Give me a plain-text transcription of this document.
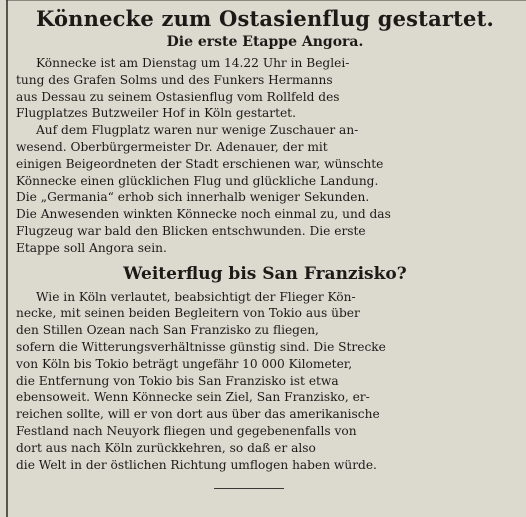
Könnecke zum Ostasienflug gestartet.
Die erste Etappe Angora.

Könnecke ist am Dienstag um 14.22 Uhr in Beglei-
tung des Grafen Solms und des Funkers Hermanns
aus Dessau zu seinem Ostasienflug vom Rollfeld des
Flugplatzes Butzweiler Hof in Köln gestartet.

Auf dem Flugplatz waren nur wenige Zuschauer an-
wesend. Oberbürgermeister Dr. Adenauer, der mit
einigen Beigeordneten der Stadt erschienen war, wünschte
Könnecke einen glücklichen Flug und glückliche Landung.
Die „Germania“ erhob sich innerhalb weniger Sekunden.
Die Anwesenden winkten Könnecke noch einmal zu, und das
Flugzeug war bald den Blicken entschwunden. Die erste
Etappe soll Angora sein.

Weiterflug bis San Franzisko?

Wie in Köln verlautet, beabsichtigt der Flieger Kön-
necke, mit seinen beiden Begleitern von Tokio aus über
den Stillen Ozean nach San Franzisko zu fliegen,
sofern die Witterungsverhältnisse günstig sind. Die Strecke
von Köln bis Tokio beträgt ungefähr 10 000 Kilometer,
die Entfernung von Tokio bis San Franzisko ist etwa
ebensoweit. Wenn Könnecke sein Ziel, San Franzisko, er-
reichen sollte, will er von dort aus über das amerikanische
Festland nach Neuyork fliegen und gegebenenfalls von
dort aus nach Köln zurückkehren, so daß er also
die Welt in der östlichen Richtung umflogen haben würde.
